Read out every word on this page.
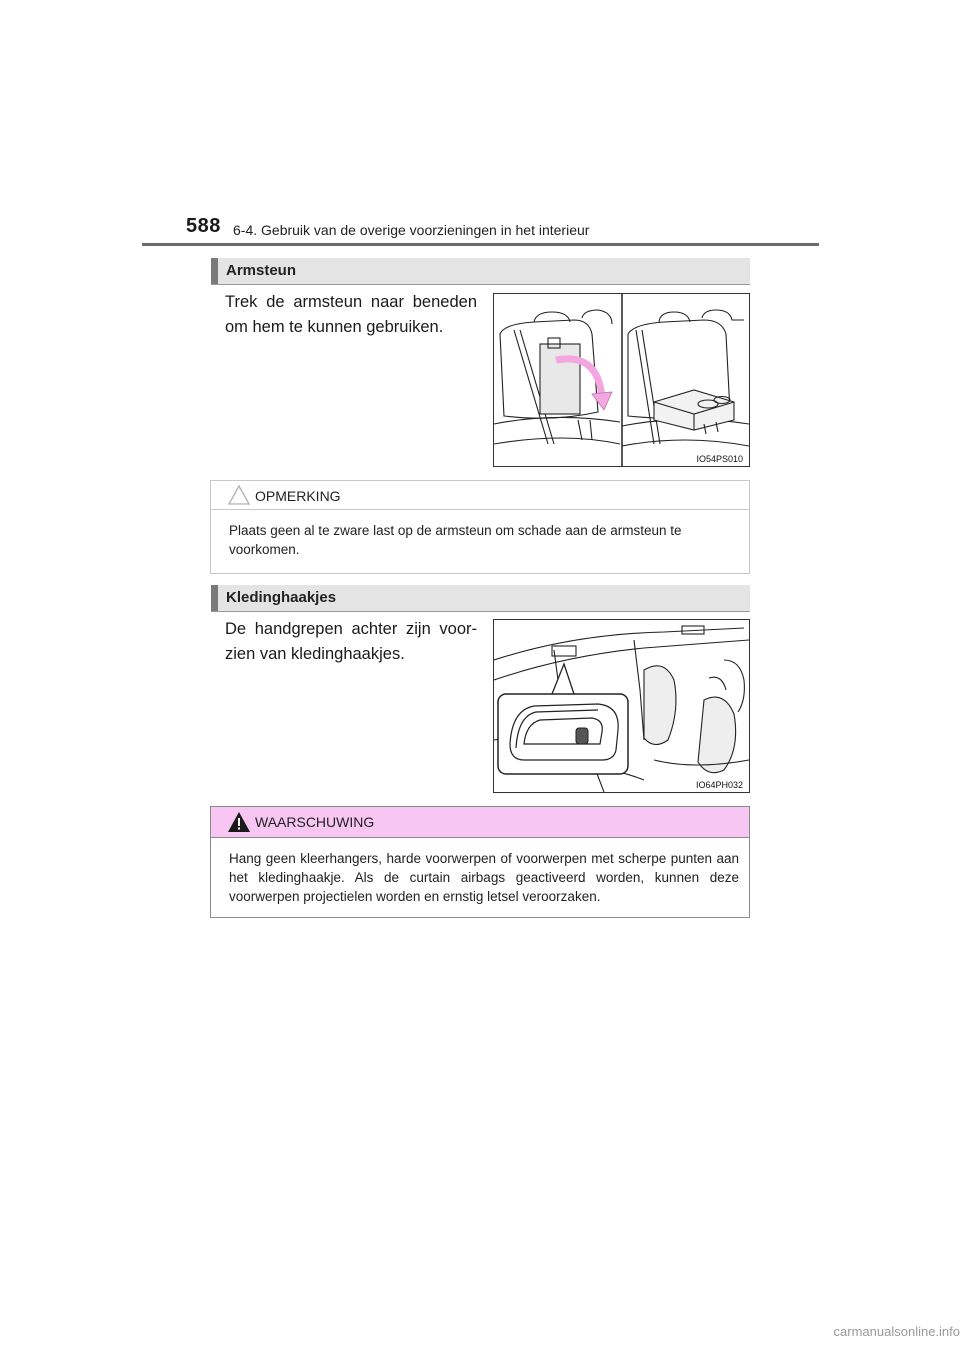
588 6-4. Gebruik van de overige voorzieningen in het interieur
Armsteun
Trek de armsteun naar beneden om hem te kunnen gebruiken.
IO54PS010
OPMERKING
Plaats geen al te zware last op de armsteun om schade aan de armsteun te voorkomen.
Kledinghaakjes
De handgrepen achter zijn voor-zien van kledinghaakjes.
IO64PH032
WAARSCHUWING
Hang geen kleerhangers, harde voorwerpen of voorwerpen met scherpe punten aan het kledinghaakje. Als de curtain airbags geactiveerd worden, kunnen deze voorwerpen projectielen worden en ernstig letsel veroorzaken.
carmanualsonline.info
